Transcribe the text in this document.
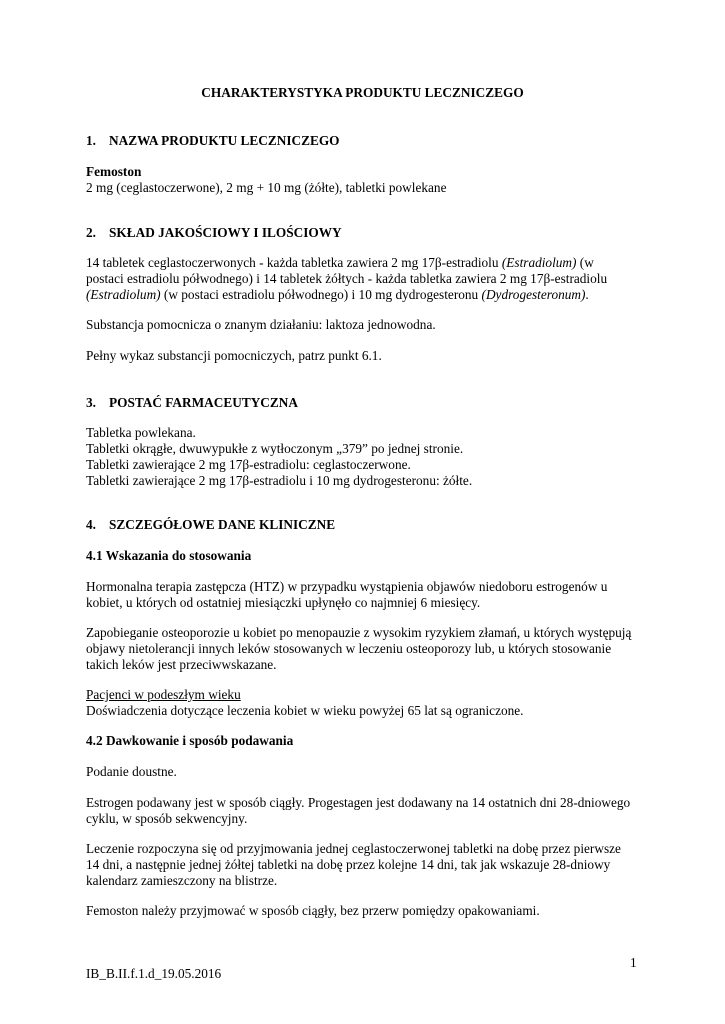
CHARAKTERYSTYKA PRODUKTU LECZNICZEGO
1. NAZWA PRODUKTU LECZNICZEGO
Femoston
2 mg (ceglastoczerwone), 2 mg + 10 mg (żółte), tabletki powlekane
2. SKŁAD JAKOŚCIOWY I ILOŚCIOWY
14 tabletek ceglastoczerwonych - każda tabletka zawiera 2 mg 17β-estradiolu (Estradiolum) (w
postaci estradiolu półwodnego) i 14 tabletek żółtych - każda tabletka zawiera 2 mg 17β-estradiolu
(Estradiolum) (w postaci estradiolu półwodnego) i 10 mg dydrogesteronu (Dydrogesteronum).
Substancja pomocnicza o znanym działaniu: laktoza jednowodna.
Pełny wykaz substancji pomocniczych, patrz punkt 6.1.
3. POSTAĆ FARMACEUTYCZNA
Tabletka powlekana.
Tabletki okrągłe, dwuwypukłe z wytłoczonym „379” po jednej stronie.
Tabletki zawierające 2 mg 17β-estradiolu: ceglastoczerwone.
Tabletki zawierające 2 mg 17β-estradiolu i 10 mg dydrogesteronu: żółte.
4. SZCZEGÓŁOWE DANE KLINICZNE
4.1 Wskazania do stosowania
Hormonalna terapia zastępcza (HTZ) w przypadku wystąpienia objawów niedoboru estrogenów u
kobiet, u których od ostatniej miesiączki upłynęło co najmniej 6 miesięcy.
Zapobieganie osteoporozie u kobiet po menopauzie z wysokim ryzykiem złamań, u których występują
objawy nietolerancji innych leków stosowanych w leczeniu osteoporozy lub, u których stosowanie
takich leków jest przeciwwskazane.
Pacjenci w podeszłym wieku
Doświadczenia dotyczące leczenia kobiet w wieku powyżej 65 lat są ograniczone.
4.2 Dawkowanie i sposób podawania
Podanie doustne.
Estrogen podawany jest w sposób ciągły. Progestagen jest dodawany na 14 ostatnich dni 28-dniowego
cyklu, w sposób sekwencyjny.
Leczenie rozpoczyna się od przyjmowania jednej ceglastoczerwonej tabletki na dobę przez pierwsze
14 dni, a następnie jednej żółtej tabletki na dobę przez kolejne 14 dni, tak jak wskazuje 28-dniowy
kalendarz zamieszczony na blistrze.
Femoston należy przyjmować w sposób ciągły, bez przerw pomiędzy opakowaniami.
1
IB_B.II.f.1.d_19.05.2016
